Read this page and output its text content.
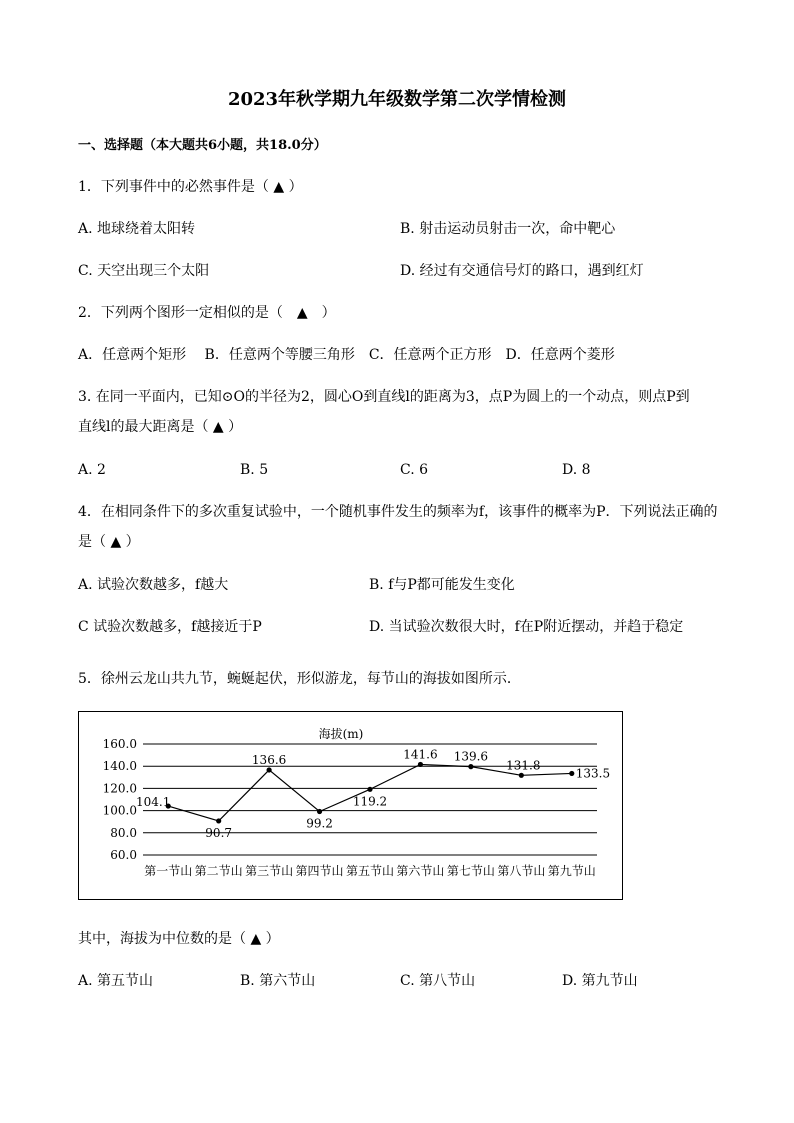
2023年秋学期九年级数学第二次学情检测
一、选择题（本大题共6小题，共18.0分）
1．下列事件中的必然事件是（ ▲ ）
A. 地球绕着太阳转	B. 射击运动员射击一次，命中靶心
C. 天空出现三个太阳	D. 经过有交通信号灯的路口，遇到红灯
2．下列两个图形一定相似的是（　▲　）
A．任意两个矩形　 B．任意两个等腰三角形　C．任意两个正方形　D．任意两个菱形
3. 在同一平面内，已知⊙O的半径为2，圆心O到直线l的距离为3，点P为圆上的一个动点，则点P到
直线l的最大距离是（ ▲ ）
A. 2	B. 5	C. 6	D. 8
4．在相同条件下的多次重复试验中，一个随机事件发生的频率为f，该事件的概率为P．下列说法正确的
是（ ▲ ）
A. 试验次数越多，f越大	B. f与P都可能发生变化
C 试验次数越多，f越接近于P	D. 当试验次数很大时，f在P附近摆动，并趋于稳定
5．徐州云龙山共九节，蜿蜒起伏，形似游龙，每节山的海拔如图所示．
海拔(m)
160.0
140.0
120.0
100.0
80.0
60.0
第一节山 第二节山 第三节山 第四节山 第五节山 第六节山 第七节山 第八节山 第九节山
104.1
90.7
136.6
99.2
119.2
141.6 139.6
131.8
133.5
其中，海拔为中位数的是（ ▲ ）
A. 第五节山	B. 第六节山	C. 第八节山	D. 第九节山
